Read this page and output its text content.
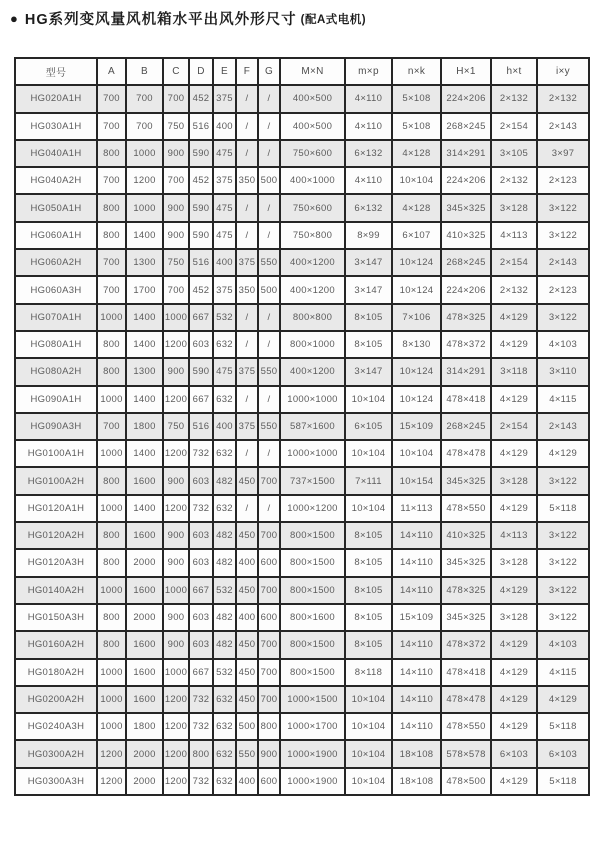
● HG系列变风量风机箱水平出风外形尺寸 (配A式电机)
型号	A	B	C	D	E	F	G	M×N	m×p	n×k	H×1	h×t	i×y
HG020A1H	700	700	700	452	375	/	/	400×500	4×110	5×108	224×206	2×132	2×132
HG030A1H	700	700	750	516	400	/	/	400×500	4×110	5×108	268×245	2×154	2×143
HG040A1H	800	1000	900	590	475	/	/	750×600	6×132	4×128	314×291	3×105	3×97
HG040A2H	700	1200	700	452	375	350	500	400×1000	4×110	10×104	224×206	2×132	2×123
HG050A1H	800	1000	900	590	475	/	/	750×600	6×132	4×128	345×325	3×128	3×122
HG060A1H	800	1400	900	590	475	/	/	750×800	8×99	6×107	410×325	4×113	3×122
HG060A2H	700	1300	750	516	400	375	550	400×1200	3×147	10×124	268×245	2×154	2×143
HG060A3H	700	1700	700	452	375	350	500	400×1200	3×147	10×124	224×206	2×132	2×123
HG070A1H	1000	1400	1000	667	532	/	/	800×800	8×105	7×106	478×325	4×129	3×122
HG080A1H	800	1400	1200	603	632	/	/	800×1000	8×105	8×130	478×372	4×129	4×103
HG080A2H	800	1300	900	590	475	375	550	400×1200	3×147	10×124	314×291	3×118	3×110
HG090A1H	1000	1400	1200	667	632	/	/	1000×1000	10×104	10×124	478×418	4×129	4×115
HG090A3H	700	1800	750	516	400	375	550	587×1600	6×105	15×109	268×245	2×154	2×143
HG0100A1H	1000	1400	1200	732	632	/	/	1000×1000	10×104	10×104	478×478	4×129	4×129
HG0100A2H	800	1600	900	603	482	450	700	737×1500	7×111	10×154	345×325	3×128	3×122
HG0120A1H	1000	1400	1200	732	632	/	/	1000×1200	10×104	11×113	478×550	4×129	5×118
HG0120A2H	800	1600	900	603	482	450	700	800×1500	8×105	14×110	410×325	4×113	3×122
HG0120A3H	800	2000	900	603	482	400	600	800×1500	8×105	14×110	345×325	3×128	3×122
HG0140A2H	1000	1600	1000	667	532	450	700	800×1500	8×105	14×110	478×325	4×129	3×122
HG0150A3H	800	2000	900	603	482	400	600	800×1600	8×105	15×109	345×325	3×128	3×122
HG0160A2H	800	1600	900	603	482	450	700	800×1500	8×105	14×110	478×372	4×129	4×103
HG0180A2H	1000	1600	1000	667	532	450	700	800×1500	8×118	14×110	478×418	4×129	4×115
HG0200A2H	1000	1600	1200	732	632	450	700	1000×1500	10×104	14×110	478×478	4×129	4×129
HG0240A3H	1000	1800	1200	732	632	500	800	1000×1700	10×104	14×110	478×550	4×129	5×118
HG0300A2H	1200	2000	1200	800	632	550	900	1000×1900	10×104	18×108	578×578	6×103	6×103
HG0300A3H	1200	2000	1200	732	632	400	600	1000×1900	10×104	18×108	478×500	4×129	5×118
